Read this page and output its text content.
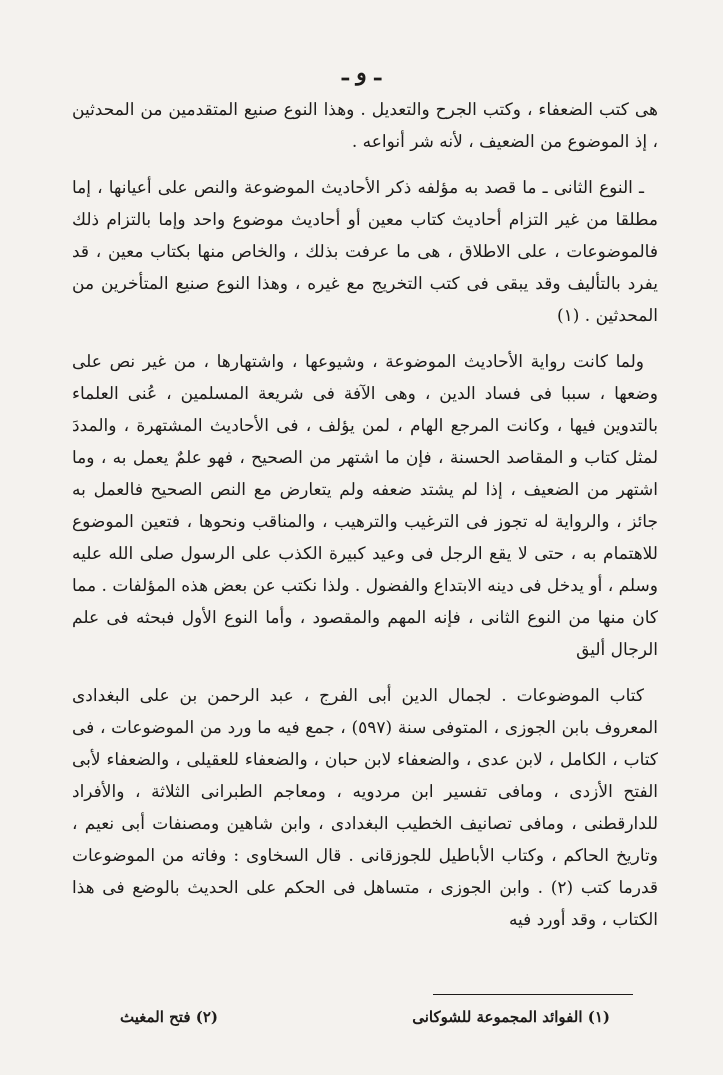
ـ و ـ

هى كتب الضعفاء ، وكتب الجرح والتعديل . وهذا النوع صنيع المتقدمين من المحدثين ، إذ الموضوع من الضعيف ، لأنه شر أنواعه .

ـ النوع الثانى ـ ما قصد به مؤلفه ذكر الأحاديث الموضوعة والنص على أعيانها ، إما مطلقا من غير التزام أحاديث كتاب معين أو أحاديث موضوع واحد وإما بالتزام ذلك فالموضوعات ، على الاطلاق ، هى ما عرفت بذلك ، والخاص منها بكتاب معين ، قد يفرد بالتأليف وقد يبقى فى كتب التخريج مع غيره ، وهذا النوع صنيع المتأخرين من المحدثين . (١)

ولما كانت رواية الأحاديث الموضوعة ، وشيوعها ، واشتهارها ، من غير نص على وضعها ، سببا فى فساد الدين ، وهى الآفة فى شريعة المسلمين ، عُنى العلماء بالتدوين فيها ، وكانت المرجع الهام ، لمن يؤلف ، فى الأحاديث المشتهرة ، والمددَ لمثل كتاب و المقاصد الحسنة ، فإن ما اشتهر من الصحيح ، فهو علمٌ يعمل به ، وما اشتهر من الضعيف ، إذا لم يشتد ضعفه ولم يتعارض مع النص الصحيح فالعمل به جائز ، والرواية له تجوز فى الترغيب والترهيب ، والمناقب ونحوها ، فتعين الموضوع للاهتمام به ، حتى لا يقع الرجل فى وعيد كبيرة الكذب على الرسول صلى الله عليه وسلم ، أو يدخل فى دينه الابتداع والفضول . ولذا نكتب عن بعض هذه المؤلفات . مما كان منها من النوع الثانى ، فإنه المهم والمقصود ، وأما النوع الأول فبحثه فى علم الرجال أليق

كتاب الموضوعات . لجمال الدين أبى الفرج ، عبد الرحمن بن على البغدادى المعروف بابن الجوزى ، المتوفى سنة (٥٩٧) ، جمع فيه ما ورد من الموضوعات ، فى كتاب ، الكامل ، لابن عدى ، والضعفاء لابن حبان ، والضعفاء للعقيلى ، والضعفاء لأبى الفتح الأزدى ، ومافى تفسير ابن مردويه ، ومعاجم الطبرانى الثلاثة ، والأفراد للدارقطنى ، ومافى تصانيف الخطيب البغدادى ، وابن شاهين ومصنفات أبى نعيم ، وتاريخ الحاكم ، وكتاب الأباطيل للجوزقانى . قال السخاوى : وفاته من الموضوعات قدرما كتب (٢) . وابن الجوزى ، متساهل فى الحكم على الحديث بالوضع فى هذا الكتاب ، وقد أورد فيه

(١) الفوائد المجموعة للشوكانى
(٢) فتح المغيث
